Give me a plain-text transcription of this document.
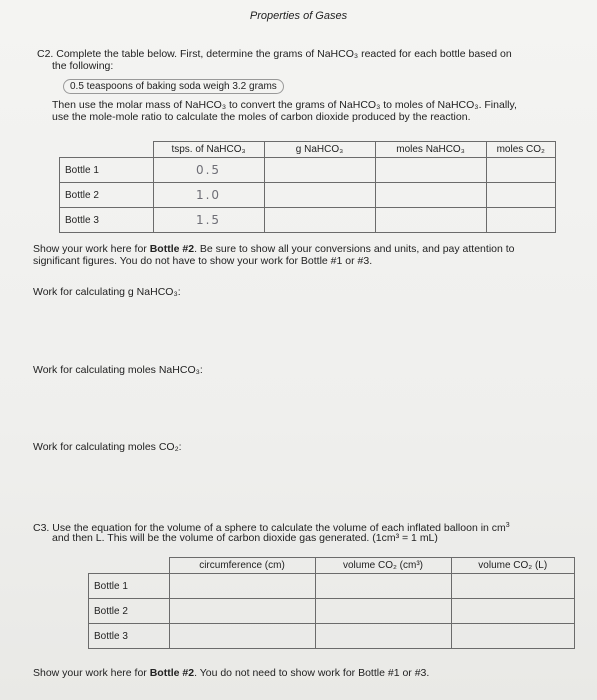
Properties of Gases
C2. Complete the table below. First, determine the grams of NaHCO₃ reacted for each bottle based on
the following:
0.5 teaspoons of baking soda weigh 3.2 grams
Then use the molar mass of NaHCO₃ to convert the grams of NaHCO₃ to moles of NaHCO₃. Finally,
use the mole-mole ratio to calculate the moles of carbon dioxide produced by the reaction.
	tsps. of NaHCO₃	g NaHCO₃	moles NaHCO₃	moles CO₂
Bottle 1	0.5			
Bottle 2	1.0			
Bottle 3	1.5			
Show your work here for Bottle #2. Be sure to show all your conversions and units, and pay attention to
significant figures. You do not have to show your work for Bottle #1 or #3.
Work for calculating g NaHCO₃:
Work for calculating moles NaHCO₃:
Work for calculating moles CO₂:
C3. Use the equation for the volume of a sphere to calculate the volume of each inflated balloon in $cm^3$
and then L. This will be the volume of carbon dioxide gas generated. (1cm³ = 1 mL)
	circumference (cm)	volume CO₂ (cm³)	volume CO₂ (L)
Bottle 1			
Bottle 2			
Bottle 3			
Show your work here for Bottle #2. You do not need to show work for Bottle #1 or #3.
